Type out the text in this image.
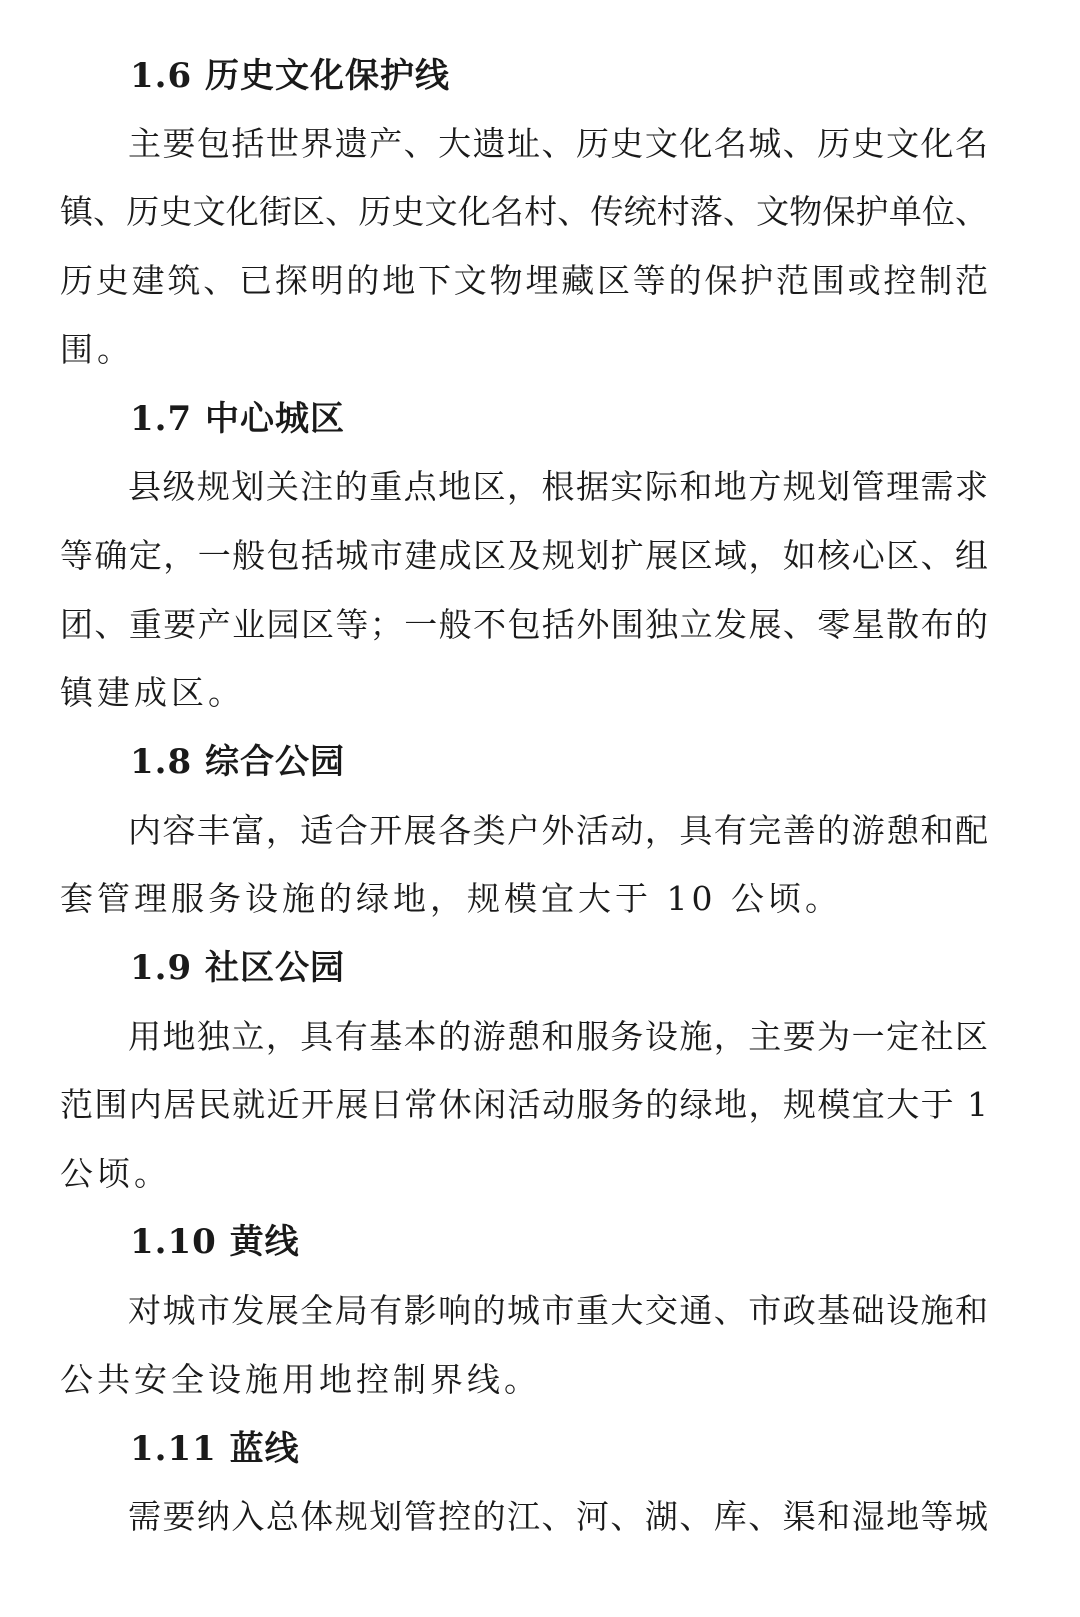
1.6 历史文化保护线
主要包括世界遗产、大遗址、历史文化名城、历史文化名
镇、历史文化街区、历史文化名村、传统村落、文物保护单位、
历史建筑、已探明的地下文物埋藏区等的保护范围或控制范
围。
1.7 中心城区
县级规划关注的重点地区，根据实际和地方规划管理需求
等确定，一般包括城市建成区及规划扩展区域，如核心区、组
团、重要产业园区等；一般不包括外围独立发展、零星散布的
镇建成区。
1.8 综合公园
内容丰富，适合开展各类户外活动，具有完善的游憩和配
套管理服务设施的绿地，规模宜大于 10 公顷。
1.9 社区公园
用地独立，具有基本的游憩和服务设施，主要为一定社区
范围内居民就近开展日常休闲活动服务的绿地，规模宜大于 1
公顷。
1.10 黄线
对城市发展全局有影响的城市重大交通、市政基础设施和
公共安全设施用地控制界线。
1.11 蓝线
需要纳入总体规划管控的江、河、湖、库、渠和湿地等城
